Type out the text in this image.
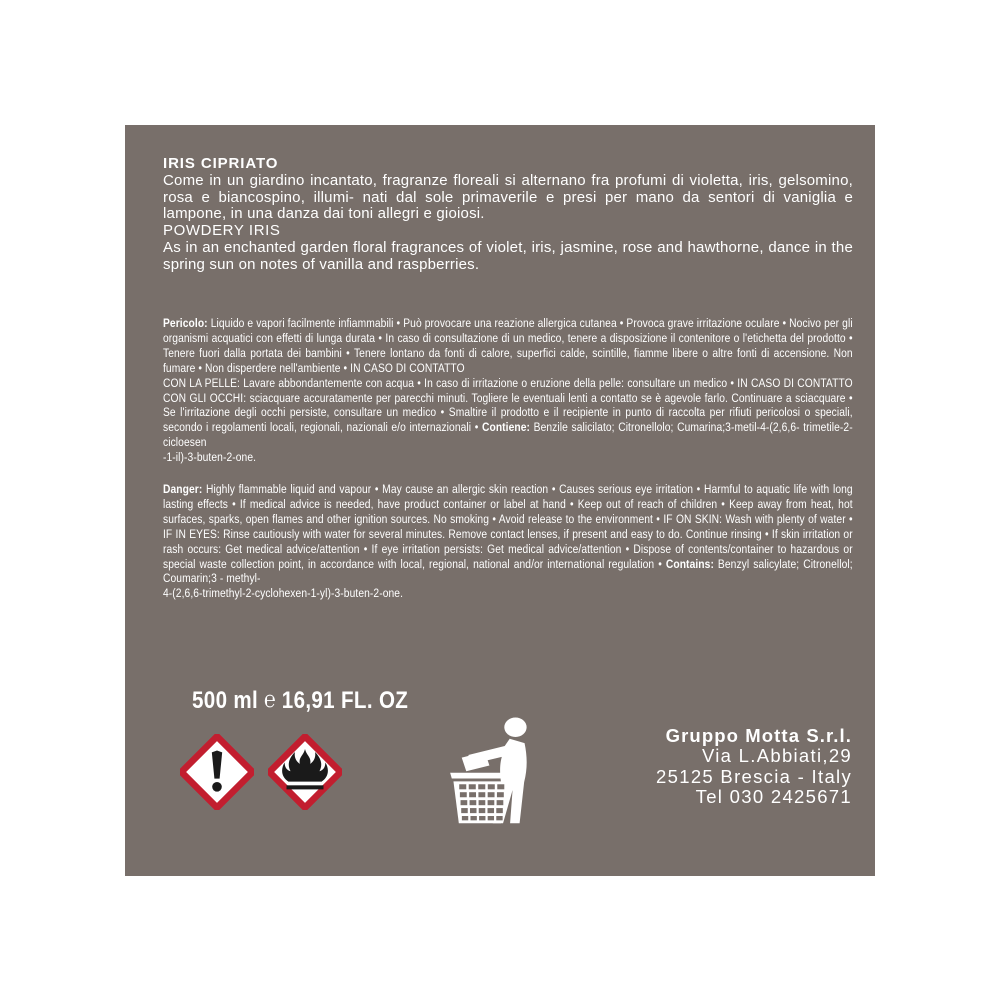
IRIS CIPRIATO

Come in un giardino incantato, fragranze floreali si alternano fra profumi di violetta, iris, gelsomino, rosa e biancospino, illumi- nati dal sole primaverile e presi per mano da sentori di vaniglia e lampone, in una danza dai toni allegri e gioiosi.

POWDERY IRIS

As in an enchanted garden floral fragrances of violet, iris, jasmine, rose and hawthorne, dance in the spring sun on notes of vanilla and raspberries.

Pericolo: Liquido e vapori facilmente infiammabili • Può provocare una reazione allergica cutanea • Provoca grave irritazione oculare • Nocivo per gli organismi acquatici con effetti di lunga durata • In caso di consultazione di un medico, tenere a disposizione il contenitore o l'etichetta del prodotto • Tenere fuori dalla portata dei bambini • Tenere lontano da fonti di calore, superfici calde, scintille, fiamme libere o altre fonti di accensione. Non fumare • Non disperdere nell'ambiente • IN CASO DI CONTATTO

CON LA PELLE: Lavare abbondantemente con acqua • In caso di irritazione o eruzione della pelle: consultare un medico • IN CASO DI CONTATTO CON GLI OCCHI: sciacquare accuratamente per parecchi minuti. Togliere le eventuali lenti a contatto se è agevole farlo. Continuare a sciacquare • Se l'irritazione degli occhi persiste, consultare un medico • Smaltire il prodotto e il recipiente in punto di raccolta per rifiuti pericolosi o speciali, secondo i regolamenti locali, regionali, nazionali e/o internazionali • Contiene: Benzile salicilato; Citronellolo; Cumarina;3-metil-4-(2,6,6- trimetile-2-cicloesen

-1-il)-3-buten-2-one.

Danger: Highly flammable liquid and vapour • May cause an allergic skin reaction • Causes serious eye irritation • Harmful to aquatic life with long lasting effects • If medical advice is needed, have product container or label at hand • Keep out of reach of children • Keep away from heat, hot surfaces, sparks, open flames and other ignition sources. No smoking • Avoid release to the environment • IF ON SKIN: Wash with plenty of water • IF IN EYES: Rinse cautiously with water for several minutes. Remove contact lenses, if present and easy to do. Continue rinsing • If skin irritation or rash occurs: Get medical advice/attention • If eye irritation persists: Get medical advice/attention • Dispose of contents/container to hazardous or special waste collection point, in accordance with local, regional, national and/or international regulation • Contains: Benzyl salicylate; Citronellol; Coumarin;3 - methyl-

4-(2,6,6-trimethyl-2-cyclohexen-1-yl)-3-buten-2-one.

500 ml ℮ 16,91 FL. OZ
Gruppo Motta S.r.l.
Via L.Abbiati,29
25125 Brescia - Italy
Tel 030 2425671
